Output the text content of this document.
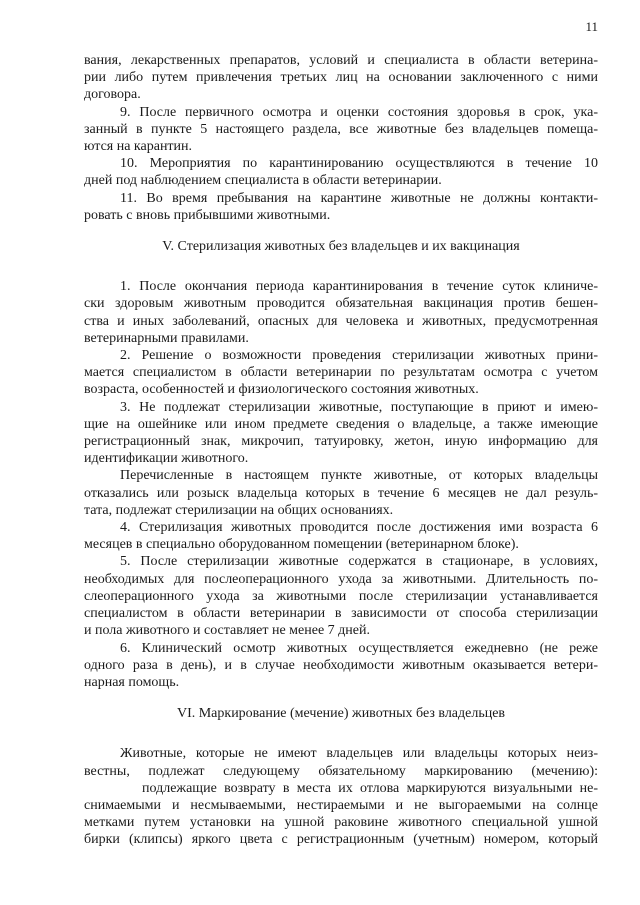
11
вания, лекарственных препаратов, условий и специалиста в области ветерина-
рии либо путем привлечения третьих лиц на основании заключенного с ними
договора.
9. После первичного осмотра и оценки состояния здоровья в срок, ука-
занный в пункте 5 настоящего раздела, все животные без владельцев помеща-
ются на карантин.
10. Мероприятия по карантинированию осуществляются в течение 10
дней под наблюдением специалиста в области ветеринарии.
11. Во время пребывания на карантине животные не должны контакти-
ровать с вновь прибывшими животными.
V. Стерилизация животных без владельцев и их вакцинация
1. После окончания периода карантинирования в течение суток клиниче-
ски здоровым животным проводится обязательная вакцинация против бешен-
ства и иных заболеваний, опасных для человека и животных, предусмотренная
ветеринарными правилами.
2. Решение о возможности проведения стерилизации животных прини-
мается специалистом в области ветеринарии по результатам осмотра с учетом
возраста, особенностей и физиологического состояния животных.
3. Не подлежат стерилизации животные, поступающие в приют и имею-
щие на ошейнике или ином предмете сведения о владельце, а также имеющие
регистрационный знак, микрочип, татуировку, жетон, иную информацию для
идентификации животного.
Перечисленные в настоящем пункте животные, от которых владельцы
отказались или розыск владельца которых в течение 6 месяцев не дал резуль-
тата, подлежат стерилизации на общих основаниях.
4. Стерилизация животных проводится после достижения ими возраста 6
месяцев в специально оборудованном помещении (ветеринарном блоке).
5. После стерилизации животные содержатся в стационаре, в условиях,
необходимых для послеоперационного ухода за животными. Длительность по-
слеоперационного ухода за животными после стерилизации устанавливается
специалистом в области ветеринарии в зависимости от способа стерилизации
и пола животного и составляет не менее 7 дней.
6. Клинический осмотр животных осуществляется ежедневно (не реже
одного раза в день), и в случае необходимости животным оказывается ветери-
нарная помощь.
VI. Маркирование (мечение) животных без владельцев
Животные, которые не имеют владельцев или владельцы которых неиз-
вестны, подлежат следующему обязательному маркированию (мечению):
подлежащие возврату в места их отлова маркируются визуальными не-
снимаемыми и несмываемыми, нестираемыми и не выгораемыми на солнце
метками путем установки на ушной раковине животного специальной ушной
бирки (клипсы) яркого цвета с регистрационным (учетным) номером, который
